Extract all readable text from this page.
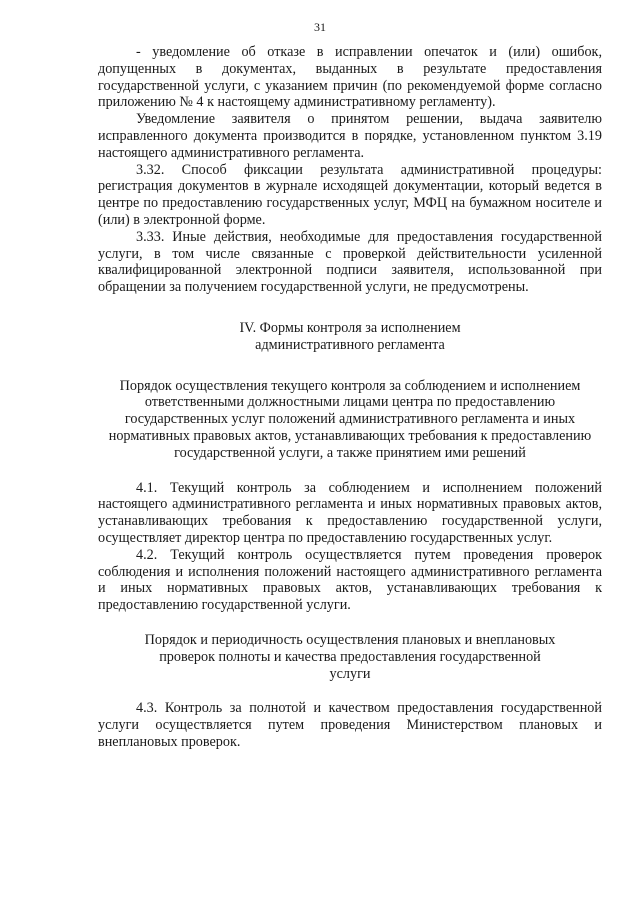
31

- уведомление об отказе в исправлении опечаток и (или) ошибок, допущенных в документах, выданных в результате предоставления государственной услуги, с указанием причин (по рекомендуемой форме согласно приложению № 4 к настоящему административному регламенту).

Уведомление заявителя о принятом решении, выдача заявителю исправленного документа производится в порядке, установленном пунктом 3.19 настоящего административного регламента.

3.32. Способ фиксации результата административной процедуры: регистрация документов в журнале исходящей документации, который ведется в центре по предоставлению государственных услуг, МФЦ на бумажном носителе и (или) в электронной форме.

3.33. Иные действия, необходимые для предоставления государственной услуги, в том числе связанные с проверкой действительности усиленной квалифицированной электронной подписи заявителя, использованной при обращении за получением государственной услуги, не предусмотрены.

IV. Формы контроля за исполнением административного регламента

Порядок осуществления текущего контроля за соблюдением и исполнением ответственными должностными лицами центра по предоставлению государственных услуг положений административного регламента и иных нормативных правовых актов, устанавливающих требования к предоставлению государственной услуги, а также принятием ими решений

4.1. Текущий контроль за соблюдением и исполнением положений настоящего административного регламента и иных нормативных правовых актов, устанавливающих требования к предоставлению государственной услуги, осуществляет директор центра по предоставлению государственных услуг.

4.2. Текущий контроль осуществляется путем проведения проверок соблюдения и исполнения положений настоящего административного регламента и иных нормативных правовых актов, устанавливающих требования к предоставлению государственной услуги.

Порядок и периодичность осуществления плановых и внеплановых проверок полноты и качества предоставления государственной услуги

4.3. Контроль за полнотой и качеством предоставления государственной услуги осуществляется путем проведения Министерством плановых и внеплановых проверок.
